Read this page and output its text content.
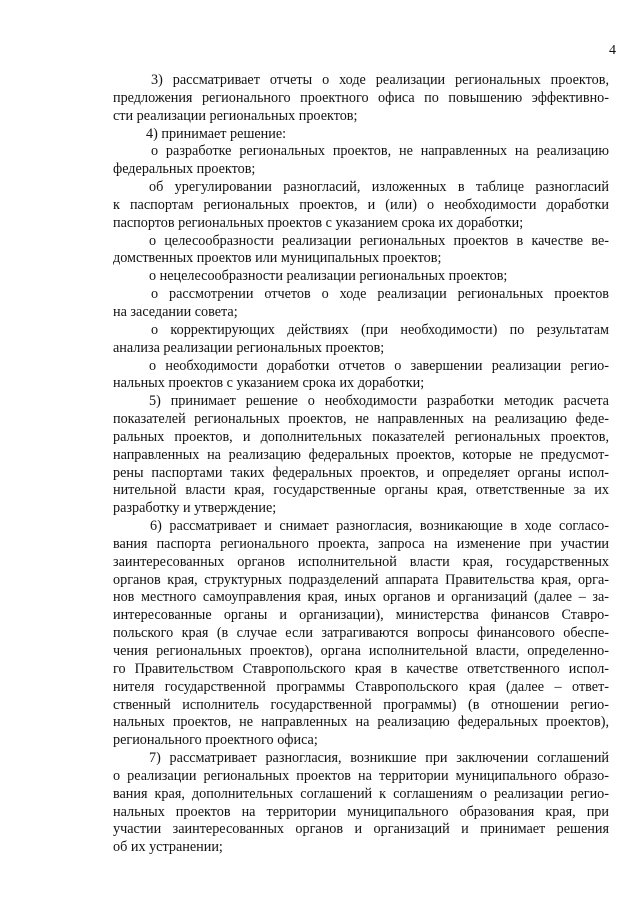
4
3) рассматривает отчеты о ходе реализации региональных проектов,
предложения регионального проектного офиса по повышению эффективно-
сти реализации региональных проектов;
4) принимает решение:
о разработке региональных проектов, не направленных на реализацию
федеральных проектов;
об урегулировании разногласий, изложенных в таблице разногласий
к паспортам региональных проектов, и (или) о необходимости доработки
паспортов региональных проектов с указанием срока их доработки;
о целесообразности реализации региональных проектов в качестве ве-
домственных проектов или муниципальных проектов;
о нецелесообразности реализации региональных проектов;
о рассмотрении отчетов о ходе реализации региональных проектов
на заседании совета;
о корректирующих действиях (при необходимости) по результатам
анализа реализации региональных проектов;
о необходимости доработки отчетов о завершении реализации регио-
нальных проектов с указанием срока их доработки;
5) принимает решение о необходимости разработки методик расчета
показателей региональных проектов, не направленных на реализацию феде-
ральных проектов, и дополнительных показателей региональных проектов,
направленных на реализацию федеральных проектов, которые не предусмот-
рены паспортами таких федеральных проектов, и определяет органы испол-
нительной власти края, государственные органы края, ответственные за их
разработку и утверждение;
6) рассматривает и снимает разногласия, возникающие в ходе согласо-
вания паспорта регионального проекта, запроса на изменение при участии
заинтересованных органов исполнительной власти края, государственных
органов края, структурных подразделений аппарата Правительства края, орга-
нов местного самоуправления края, иных органов и организаций (далее – за-
интересованные органы и организации), министерства финансов Ставро-
польского края (в случае если затрагиваются вопросы финансового обеспе-
чения региональных проектов), органа исполнительной власти, определенно-
го Правительством Ставропольского края в качестве ответственного испол-
нителя государственной программы Ставропольского края (далее – ответ-
ственный исполнитель государственной программы) (в отношении регио-
нальных проектов, не направленных на реализацию федеральных проектов),
регионального проектного офиса;
7) рассматривает разногласия, возникшие при заключении соглашений
о реализации региональных проектов на территории муниципального образо-
вания края, дополнительных соглашений к соглашениям о реализации регио-
нальных проектов на территории муниципального образования края, при
участии заинтересованных органов и организаций и принимает решения
об их устранении;
